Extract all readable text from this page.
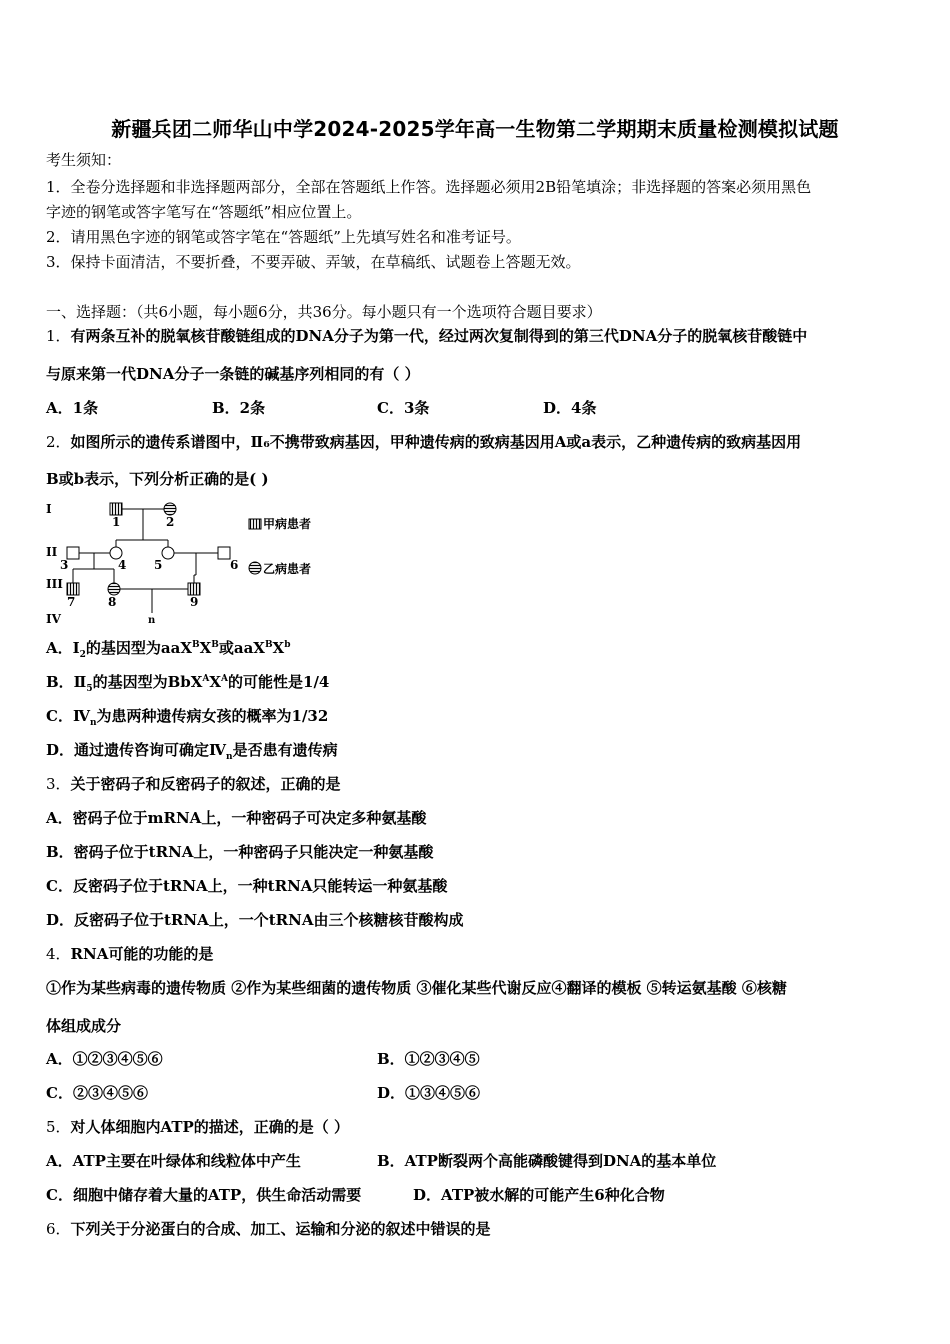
新疆兵团二师华山中学2024-2025学年高一生物第二学期期末质量检测模拟试题
考生须知：
1．全卷分选择题和非选择题两部分，全部在答题纸上作答。选择题必须用2B铅笔填涂；非选择题的答案必须用黑色
字迹的钢笔或答字笔写在“答题纸”相应位置上。
2．请用黑色字迹的钢笔或答字笔在“答题纸”上先填写姓名和准考证号。
3．保持卡面清洁，不要折叠，不要弄破、弄皱，在草稿纸、试题卷上答题无效。
一、选择题：（共6小题，每小题6分，共36分。每小题只有一个选项符合题目要求）
1．有两条互补的脱氧核苷酸链组成的DNA分子为第一代，经过两次复制得到的第三代DNA分子的脱氧核苷酸链中
与原来第一代DNA分子一条链的碱基序列相同的有（ ）
A．1条	B．2条	C．3条	D．4条
2．如图所示的遗传系谱图中，Ⅱ₆不携带致病基因，甲种遗传病的致病基因用A或a表示，乙种遗传病的致病基因用
B或b表示，下列分析正确的是( )
I
II
III
IV
1	2
3	4 5	6
7	8	9
n
甲病患者
乙病患者
A．$Ⅰ_2$的基因型为$aaX^BX^B$或$aaX^BX^b$
B．$Ⅱ_5$的基因型为$BbX^AX^A$的可能性是1/4
C．$Ⅳ_n$为患两种遗传病女孩的概率为1/32
D．通过遗传咨询可确定$Ⅳ_n$是否患有遗传病
3．关于密码子和反密码子的叙述，正确的是
A．密码子位于mRNA上，一种密码子可决定多种氨基酸
B．密码子位于tRNA上，一种密码子只能决定一种氨基酸
C．反密码子位于tRNA上，一种tRNA只能转运一种氨基酸
D．反密码子位于tRNA上，一个tRNA由三个核糖核苷酸构成
4．RNA可能的功能的是
①作为某些病毒的遗传物质 ②作为某些细菌的遗传物质 ③催化某些代谢反应④翻译的模板 ⑤转运氨基酸 ⑥核糖
体组成成分
A．①②③④⑤⑥	B．①②③④⑤
C．②③④⑤⑥	D．①③④⑤⑥
5．对人体细胞内ATP的描述，正确的是（ ）
A．ATP主要在叶绿体和线粒体中产生	B．ATP断裂两个高能磷酸键得到DNA的基本单位
C．细胞中储存着大量的ATP，供生命活动需要	D．ATP被水解的可能产生6种化合物
6．下列关于分泌蛋白的合成、加工、运输和分泌的叙述中错误的是
